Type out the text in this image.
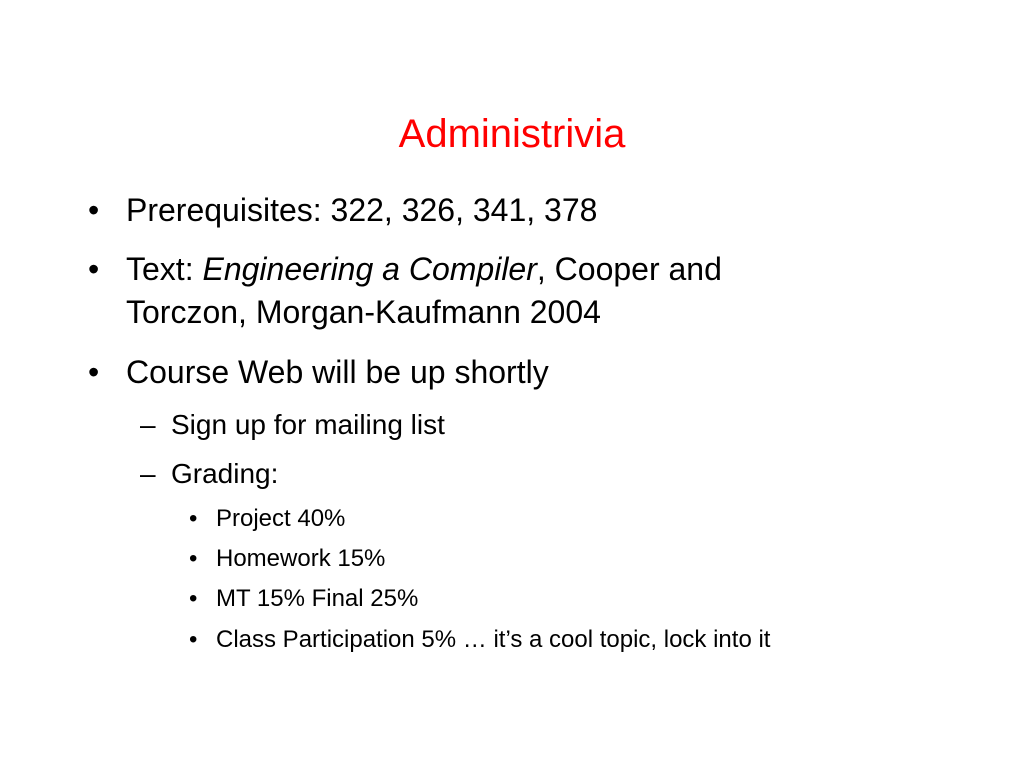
Administrivia
• Prerequisites: 322, 326, 341, 378
• Text: Engineering a Compiler, Cooper and
Torczon, Morgan-Kaufmann 2004
• Course Web will be up shortly
– Sign up for mailing list
– Grading:
• Project 40%
• Homework 15%
• MT 15% Final 25%
• Class Participation 5% … it’s a cool topic, lock into it
